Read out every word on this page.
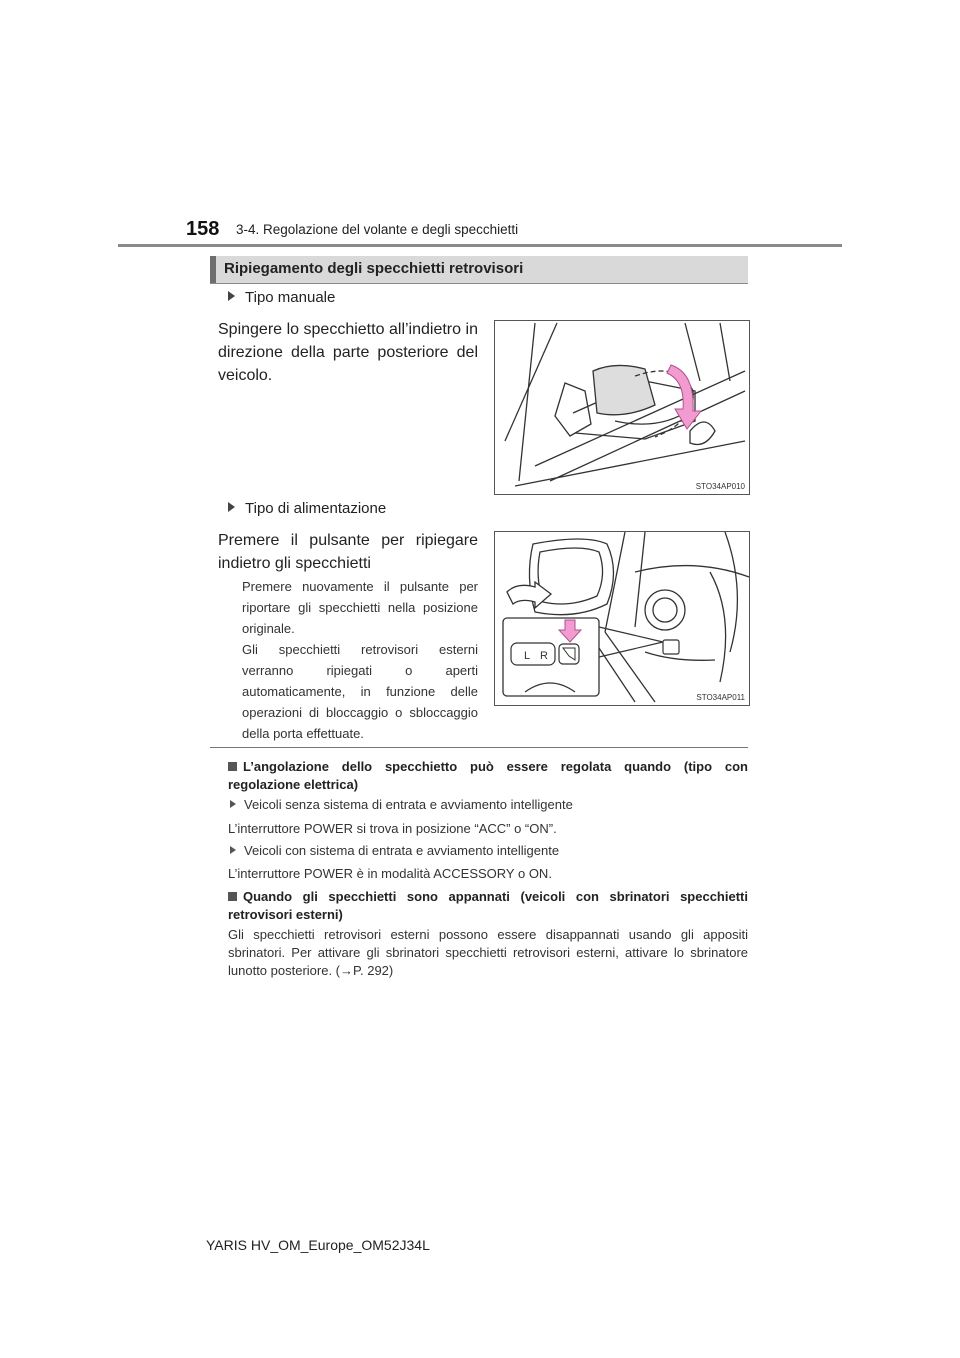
158 3-4. Regolazione del volante e degli specchietti
Ripiegamento degli specchietti retrovisori
Tipo manuale
Spingere lo specchietto all’indietro in direzione della parte posteriore del veicolo.
STO34AP010
Tipo di alimentazione
Premere il pulsante per ripiegare indietro gli specchietti
Premere nuovamente il pulsante per riportare gli specchietti nella posizione originale.
Gli specchietti retrovisori esterni verranno ripiegati o aperti automaticamente, in funzione delle operazioni di bloccaggio o sbloccaggio della porta effettuate.
L R
STO34AP011
L’angolazione dello specchietto può essere regolata quando (tipo con regolazione elettrica)
Veicoli senza sistema di entrata e avviamento intelligente
L’interruttore POWER si trova in posizione “ACC” o “ON”.
Veicoli con sistema di entrata e avviamento intelligente
L’interruttore POWER è in modalità ACCESSORY o ON.
Quando gli specchietti sono appannati (veicoli con sbrinatori specchietti retrovisori esterni)
Gli specchietti retrovisori esterni possono essere disappannati usando gli appositi sbrinatori. Per attivare gli sbrinatori specchietti retrovisori esterni, attivare lo sbrinatore lunotto posteriore. (→P. 292)
YARIS HV_OM_Europe_OM52J34L
